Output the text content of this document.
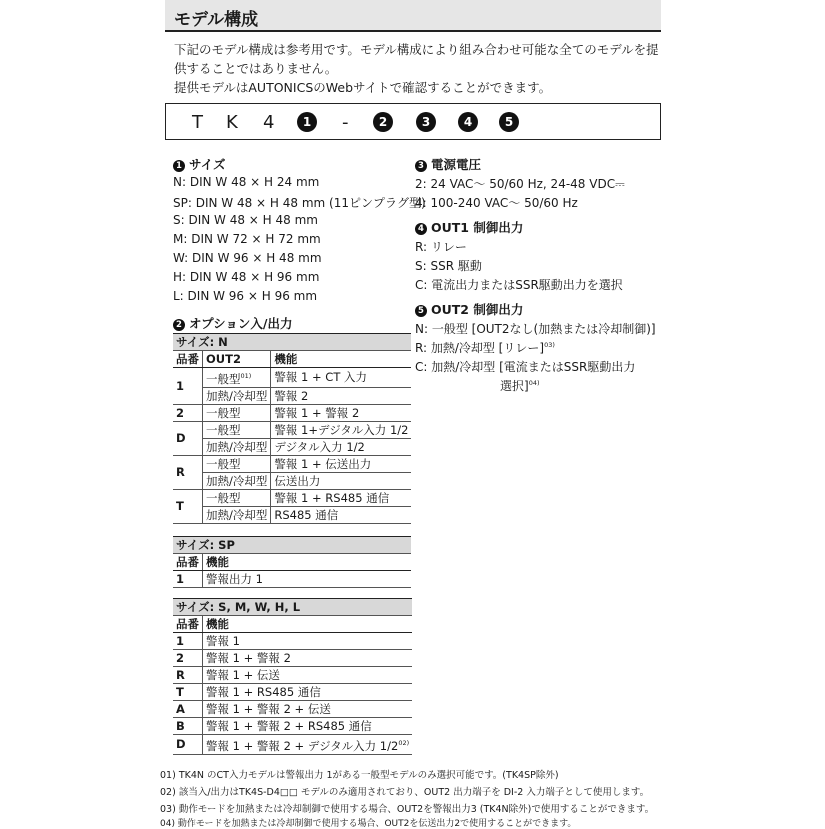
モデル構成
下記のモデル構成は参考用です。モデル構成により組み合わせ可能な全てのモデルを提
供することではありません。
提供モデルはAUTONICSのWebサイトで確認することができます。
T K 4	1	-	2	3	4	5
1 サイズ
N: DIN W 48 × H 24 mm
SP: DIN W 48 × H 48 mm (11ピンプラグ型)
S: DIN W 48 × H 48 mm
M: DIN W 72 × H 72 mm
W: DIN W 96 × H 48 mm
H: DIN W 48 × H 96 mm
L: DIN W 96 × H 96 mm
2 オプション入/出力
サイズ: N		
品番	OUT2	機能
1	一般型$^{01)}$	警報 1 + CT 入力
	加熱/冷却型	警報 2
2	一般型	警報 1 + 警報 2
D	一般型	警報 1+デジタル入力 1/2
	加熱/冷却型	デジタル入力 1/2
R	一般型	警報 1 + 伝送出力
	加熱/冷却型	伝送出力
T	一般型	警報 1 + RS485 通信
	加熱/冷却型	RS485 通信
サイズ: SP	
品番	機能
1	警報出力 1
サイズ: S, M, W, H, L	
品番	機能
1	警報 1
2	警報 1 + 警報 2
R	警報 1 + 伝送
T	警報 1 + RS485 通信
A	警報 1 + 警報 2 + 伝送
B	警報 1 + 警報 2 + RS485 通信
D	警報 1 + 警報 2 + デジタル入力 1/2$^{02)}$
3 電源電圧
2: 24 VAC～ 50/60 Hz, 24-48 VDC⎓
4: 100-240 VAC～ 50/60 Hz
4 OUT1 制御出力
R: リレー
S: SSR 駆動
C: 電流出力またはSSR駆動出力を選択
5 OUT2 制御出力
N: 一般型 [OUT2なし(加熱または冷却制御)]
R: 加熱/冷却型 [リレー]$^{03)}$
C: 加熱/冷却型 [電流またはSSR駆動出力
選択]$^{04)}$
01) TK4N のCT入力モデルは警報出力 1がある一般型モデルのみ選択可能です。(TK4SP除外)
02) 該当入/出力はTK4S-D4□□ モデルのみ適用されており、OUT2 出力端子を DI-2 入力端子として使用します。
03) 動作モードを加熱または冷却制御で使用する場合、OUT2を警報出力3 (TK4N除外)で使用することができます。
04) 動作モードを加熱または冷却制御で使用する場合、OUT2を伝送出力2で使用することができます。
